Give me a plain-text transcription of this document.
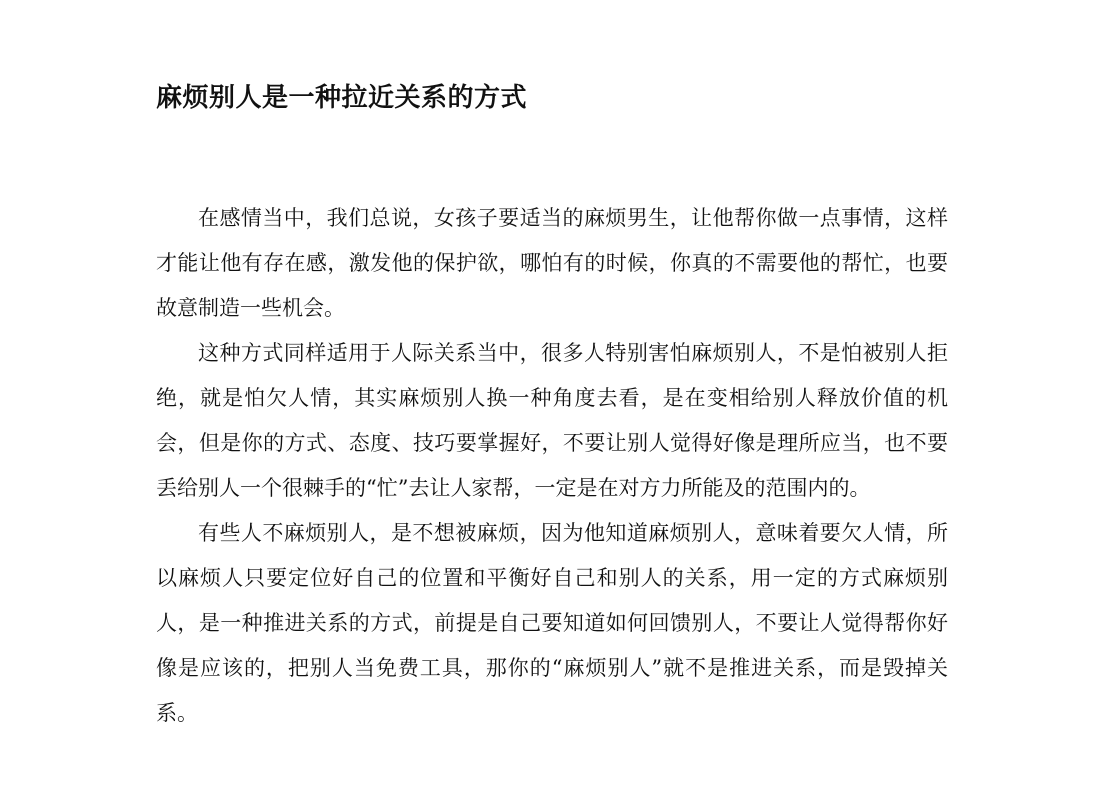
麻烦别人是一种拉近关系的方式

在感情当中，我们总说，女孩子要适当的麻烦男生，让他帮你做一点事情，这样才能让他有存在感，激发他的保护欲，哪怕有的时候，你真的不需要他的帮忙，也要故意制造一些机会。

这种方式同样适用于人际关系当中，很多人特别害怕麻烦别人，不是怕被别人拒绝，就是怕欠人情，其实麻烦别人换一种角度去看，是在变相给别人释放价值的机会，但是你的方式、态度、技巧要掌握好，不要让别人觉得好像是理所应当，也不要丢给别人一个很棘手的“忙”去让人家帮，一定是在对方力所能及的范围内的。

有些人不麻烦别人，是不想被麻烦，因为他知道麻烦别人，意味着要欠人情，所以麻烦人只要定位好自己的位置和平衡好自己和别人的关系，用一定的方式麻烦别人，是一种推进关系的方式，前提是自己要知道如何回馈别人，不要让人觉得帮你好像是应该的，把别人当免费工具，那你的“麻烦别人”就不是推进关系，而是毁掉关系。
